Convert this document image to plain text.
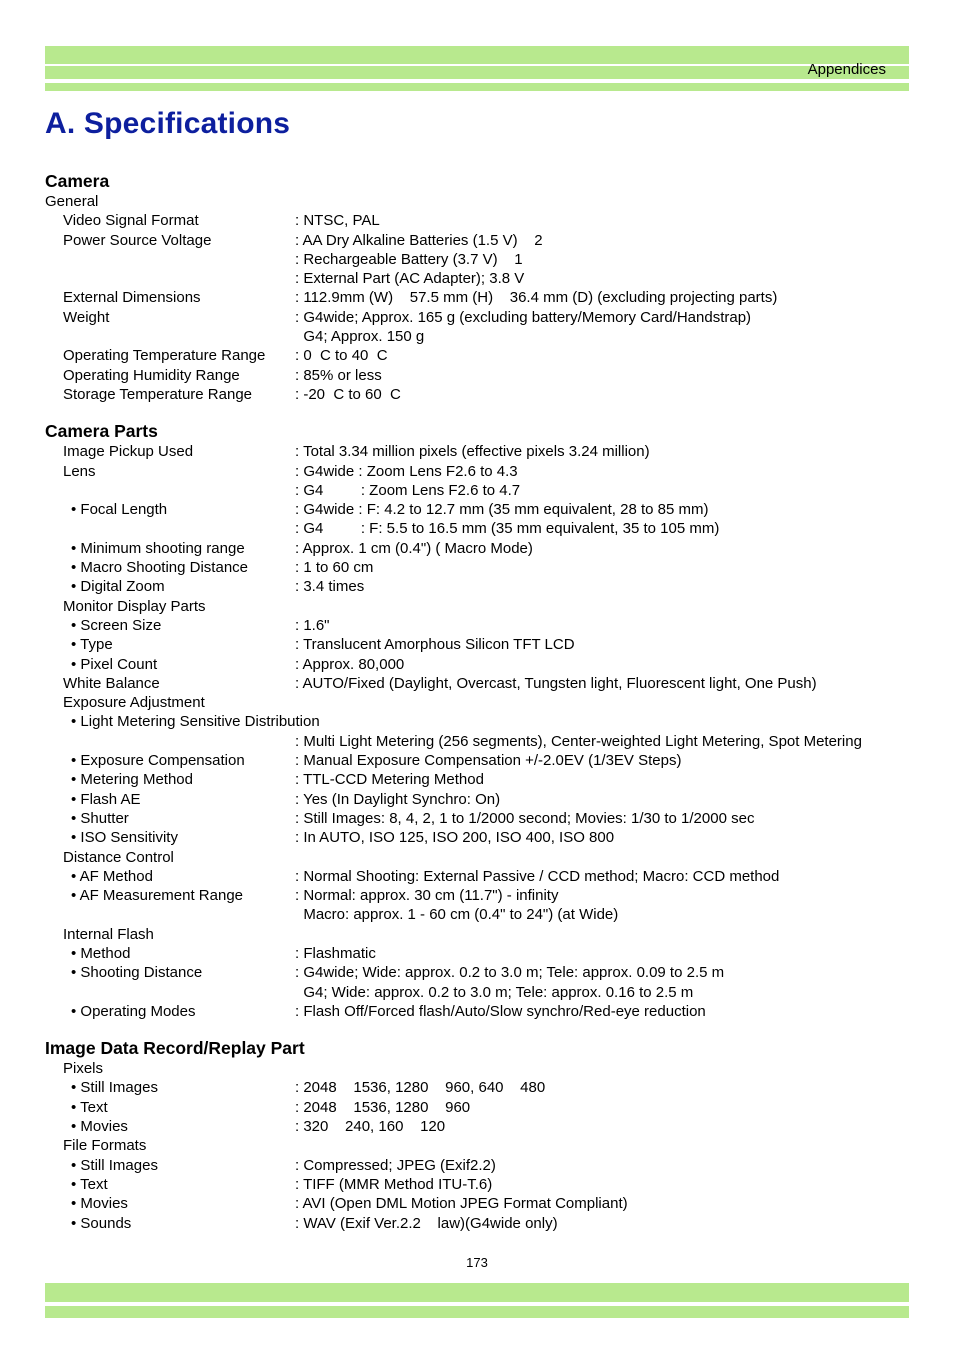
Appendices
A. Specifications
Camera
General
Video Signal Format	: NTSC, PAL
Power Source Voltage	: AA Dry Alkaline Batteries (1.5 V)    2
: Rechargeable Battery (3.7 V)    1
: External Part (AC Adapter); 3.8 V
External Dimensions	: 112.9mm (W)    57.5 mm (H)    36.4 mm (D) (excluding projecting parts)
Weight	: G4wide; Approx. 165 g (excluding battery/Memory Card/Handstrap)
G4; Approx. 150 g
Operating Temperature Range	: 0  C to 40  C
Operating Humidity Range	: 85% or less
Storage Temperature Range	: -20  C to 60  C
Camera Parts
Image Pickup Used	: Total 3.34 million pixels (effective pixels 3.24 million)
Lens	: G4wide : Zoom Lens F2.6 to 4.3
: G4         : Zoom Lens F2.6 to 4.7
• Focal Length	: G4wide : F: 4.2 to 12.7 mm (35 mm equivalent, 28 to 85 mm)
: G4         : F: 5.5 to 16.5 mm (35 mm equivalent, 35 to 105 mm)
• Minimum shooting range	: Approx. 1 cm (0.4") ( Macro Mode)
• Macro Shooting Distance	: 1 to 60 cm
• Digital Zoom	: 3.4 times
Monitor Display Parts
• Screen Size	: 1.6"
• Type	: Translucent Amorphous Silicon TFT LCD
• Pixel Count	: Approx. 80,000
White Balance	: AUTO/Fixed (Daylight, Overcast, Tungsten light, Fluorescent light, One Push)
Exposure Adjustment
• Light Metering Sensitive Distribution
: Multi Light Metering (256 segments), Center-weighted Light Metering, Spot Metering
• Exposure Compensation	: Manual Exposure Compensation +/-2.0EV (1/3EV Steps)
• Metering Method	: TTL-CCD Metering Method
• Flash AE	: Yes (In Daylight Synchro: On)
• Shutter	: Still Images: 8, 4, 2, 1 to 1/2000 second; Movies: 1/30 to 1/2000 sec
• ISO Sensitivity	: In AUTO, ISO 125, ISO 200, ISO 400, ISO 800
Distance Control
• AF Method	: Normal Shooting: External Passive / CCD method; Macro: CCD method
• AF Measurement Range	: Normal: approx. 30 cm (11.7") - infinity
Macro: approx. 1 - 60 cm (0.4" to 24") (at Wide)
Internal Flash
• Method	: Flashmatic
• Shooting Distance	: G4wide; Wide: approx. 0.2 to 3.0 m; Tele: approx. 0.09 to 2.5 m
G4; Wide: approx. 0.2 to 3.0 m; Tele: approx. 0.16 to 2.5 m
• Operating Modes	: Flash Off/Forced flash/Auto/Slow synchro/Red-eye reduction
Image Data Record/Replay Part
Pixels
• Still Images	: 2048    1536, 1280    960, 640    480
• Text	: 2048    1536, 1280    960
• Movies	: 320    240, 160    120
File Formats
• Still Images	: Compressed; JPEG (Exif2.2)
• Text	: TIFF (MMR Method ITU-T.6)
• Movies	: AVI (Open DML Motion JPEG Format Compliant)
• Sounds	: WAV (Exif Ver.2.2    law)(G4wide only)
173
